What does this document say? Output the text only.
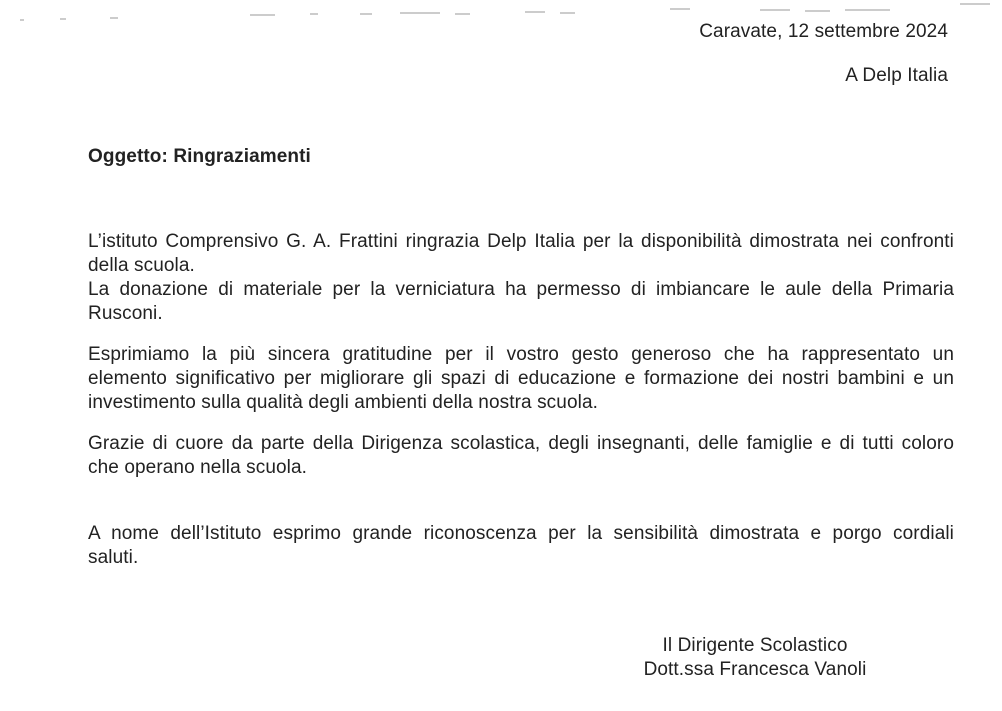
Caravate, 12 settembre 2024
A Delp Italia
Oggetto: Ringraziamenti
L’istituto Comprensivo G. A. Frattini ringrazia Delp Italia per la disponibilità dimostrata nei confronti
della scuola.
La donazione di materiale per la verniciatura ha permesso di imbiancare le aule della Primaria
Rusconi.
Esprimiamo la più sincera gratitudine per il vostro gesto generoso che ha rappresentato un
elemento significativo per migliorare gli spazi di educazione e formazione dei nostri bambini e un
investimento sulla qualità degli ambienti della nostra scuola.
Grazie di cuore da parte della Dirigenza scolastica, degli insegnanti, delle famiglie e di tutti coloro
che operano nella scuola.
A nome dell’Istituto esprimo grande riconoscenza per la sensibilità dimostrata e porgo cordiali
saluti.
Il Dirigente Scolastico
Dott.ssa Francesca Vanoli
